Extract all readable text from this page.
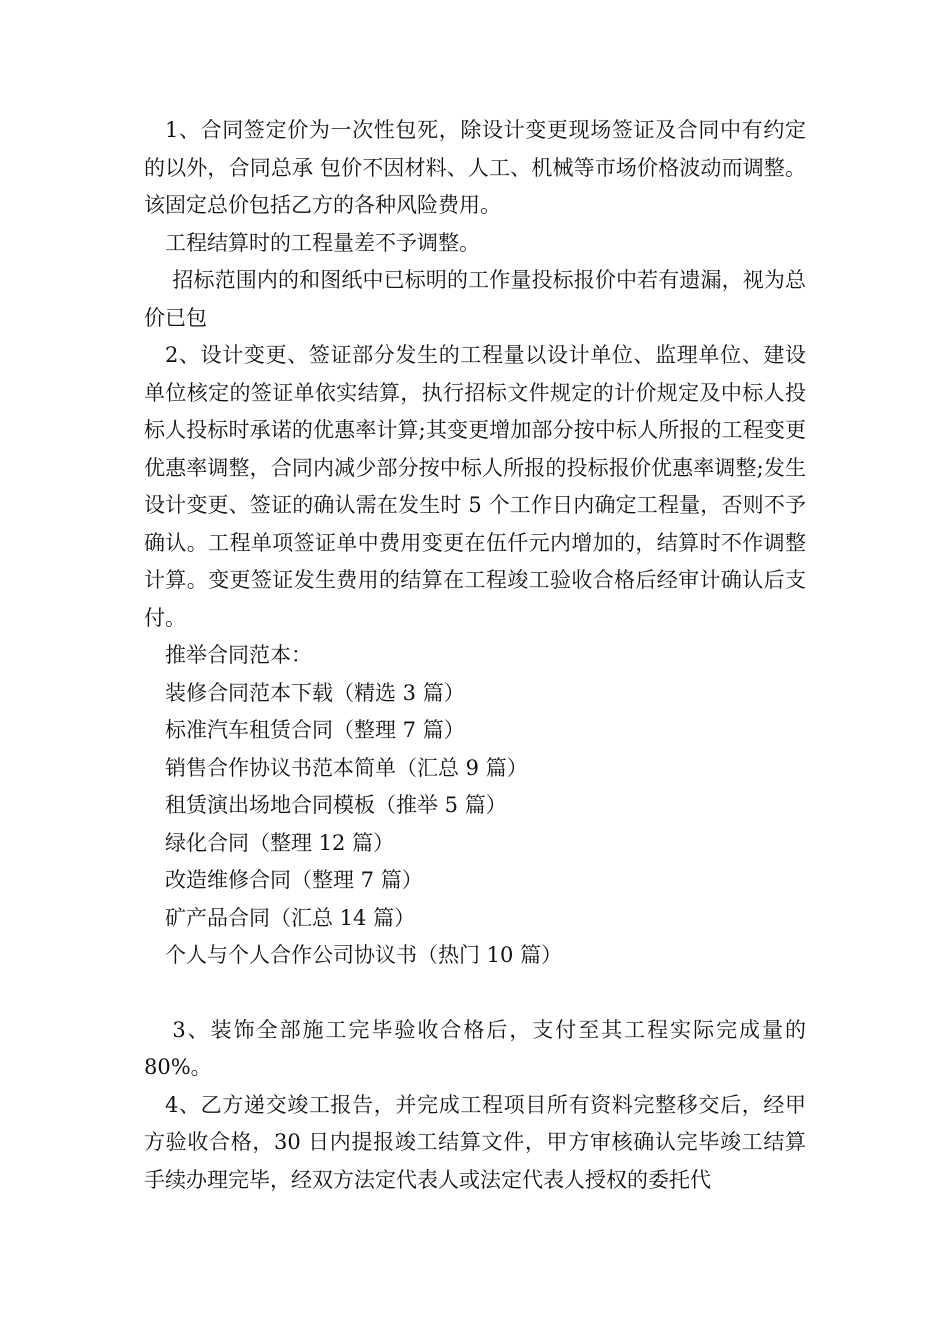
1、合同签定价为一次性包死，除设计变更现场签证及合同中有约定的以外，合同总承 包价不因材料、人工、机械等市场价格波动而调整。该固定总价包括乙方的各种风险费用。

工程结算时的工程量差不予调整。

招标范围内的和图纸中已标明的工作量投标报价中若有遗漏，视为总价已包

2、设计变更、签证部分发生的工程量以设计单位、监理单位、建设单位核定的签证单依实结算，执行招标文件规定的计价规定及中标人投标人投标时承诺的优惠率计算;其变更增加部分按中标人所报的工程变更优惠率调整，合同内减少部分按中标人所报的投标报价优惠率调整;发生设计变更、签证的确认需在发生时 5 个工作日内确定工程量，否则不予确认。工程单项签证单中费用变更在伍仟元内增加的，结算时不作调整计算。变更签证发生费用的结算在工程竣工验收合格后经审计确认后支付。

推举合同范本：

装修合同范本下载（精选 3 篇）

标准汽车租赁合同（整理 7 篇）

销售合作协议书范本简单（汇总 9 篇）

租赁演出场地合同模板（推举 5 篇）

绿化合同（整理 12 篇）

改造维修合同（整理 7 篇）

矿产品合同（汇总 14 篇）

个人与个人合作公司协议书（热门 10 篇）

3、装饰全部施工完毕验收合格后，支付至其工程实际完成量的80%。

4、乙方递交竣工报告，并完成工程项目所有资料完整移交后，经甲方验收合格，30 日内提报竣工结算文件，甲方审核确认完毕竣工结算手续办理完毕，经双方法定代表人或法定代表人授权的委托代
